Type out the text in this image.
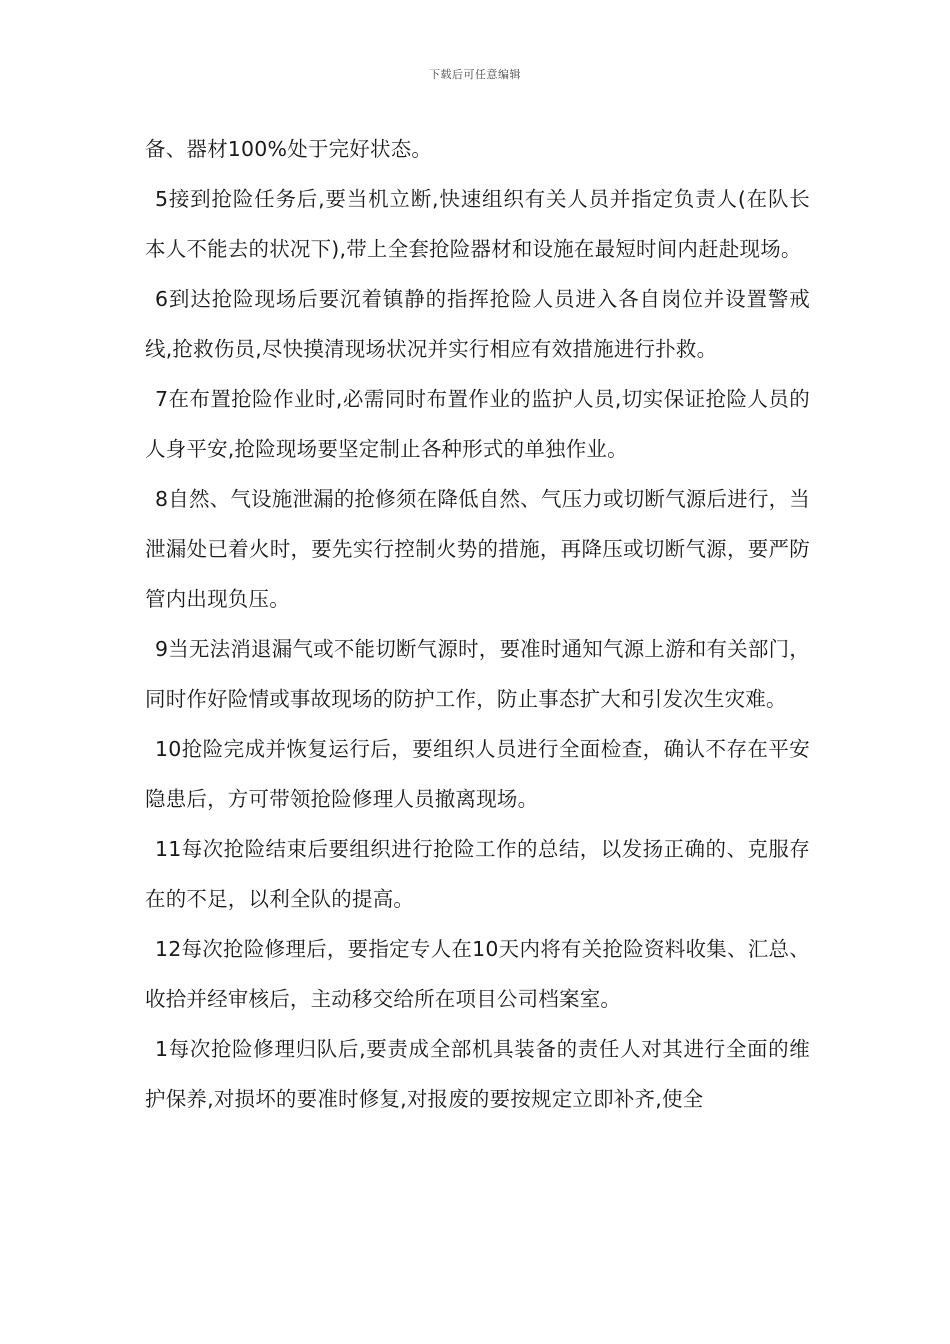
下载后可任意编辑

备、器材100%处于完好状态。

5接到抢险任务后,要当机立断,快速组织有关人员并指定负责人(在队长本人不能去的状况下),带上全套抢险器材和设施在最短时间内赶赴现场。

6到达抢险现场后要沉着镇静的指挥抢险人员进入各自岗位并设置警戒线,抢救伤员,尽快摸清现场状况并实行相应有效措施进行扑救。

7在布置抢险作业时,必需同时布置作业的监护人员,切实保证抢险人员的人身平安,抢险现场要坚定制止各种形式的单独作业。

8自然、气设施泄漏的抢修须在降低自然、气压力或切断气源后进行，当泄漏处已着火时，要先实行控制火势的措施，再降压或切断气源，要严防管内出现负压。

9当无法消退漏气或不能切断气源时，要准时通知气源上游和有关部门，同时作好险情或事故现场的防护工作，防止事态扩大和引发次生灾难。

10抢险完成并恢复运行后，要组织人员进行全面检查，确认不存在平安隐患后，方可带领抢险修理人员撤离现场。

11每次抢险结束后要组织进行抢险工作的总结，以发扬正确的、克服存在的不足，以利全队的提高。

12每次抢险修理后，要指定专人在10天内将有关抢险资料收集、汇总、收拾并经审核后，主动移交给所在项目公司档案室。

1每次抢险修理归队后,要责成全部机具装备的责任人对其进行全面的维护保养,对损坏的要准时修复,对报废的要按规定立即补齐,使全
